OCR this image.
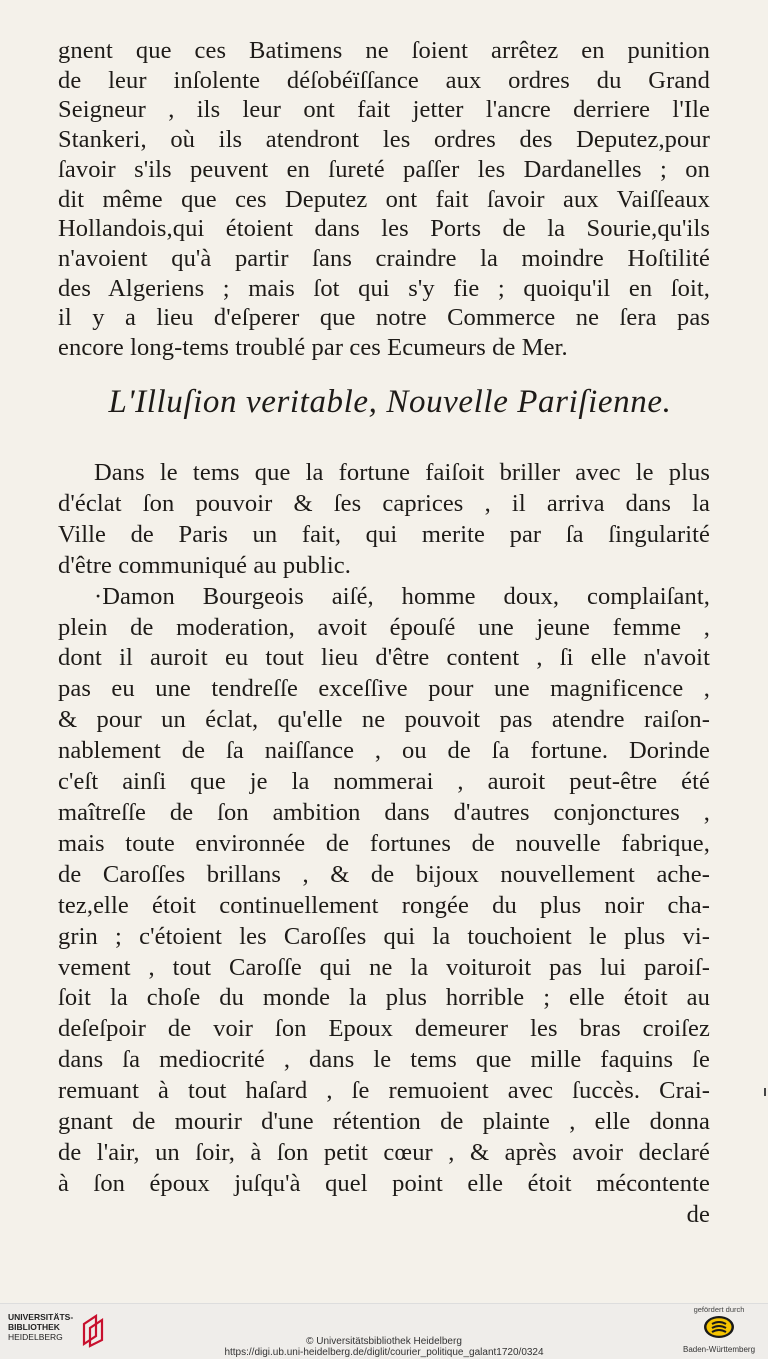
gnent que ces Batimens ne ſoient arrêtez en punition
de leur inſolente déſobéïſſance aux ordres du Grand
Seigneur , ils leur ont fait jetter l'ancre derriere l'Ile
Stankeri, où ils atendront les ordres des Deputez,pour
ſavoir s'ils peuvent en ſureté paſſer les Dardanelles ; on
dit même que ces Deputez ont fait ſavoir aux Vaiſſeaux
Hollandois,qui étoient dans les Ports de la Sourie,qu'ils
n'avoient qu'à partir ſans craindre la moindre Hoſtilité
des Algeriens ; mais ſot qui s'y fie ; quoiqu'il en ſoit,
il y a lieu d'eſperer que notre Commerce ne ſera pas
encore long-tems troublé par ces Ecumeurs de Mer.
L'Illuſion veritable, Nouvelle Pariſienne.
Dans le tems que la fortune faiſoit briller avec le plus
d'éclat ſon pouvoir & ſes caprices , il arriva dans la
Ville de Paris un fait, qui merite par ſa ſingularité
d'être communiqué au public.
·Damon Bourgeois aiſé, homme doux, complaiſant,
plein de moderation, avoit épouſé une jeune femme ,
dont il auroit eu tout lieu d'être content , ſi elle n'avoit
pas eu une tendreſſe exceſſive pour une magnificence ,
& pour un éclat, qu'elle ne pouvoit pas atendre raiſon-
nablement de ſa naiſſance , ou de ſa fortune. Dorinde
c'eſt ainſi que je la nommerai , auroit peut-être été
maîtreſſe de ſon ambition dans d'autres conjonctures ,
mais toute environnée de fortunes de nouvelle fabrique,
de Caroſſes brillans , & de bijoux nouvellement ache-
tez,elle étoit continuellement rongée du plus noir cha-
grin ; c'étoient les Caroſſes qui la touchoient le plus vi-
vement , tout Caroſſe qui ne la voituroit pas lui paroiſ-
ſoit la choſe du monde la plus horrible ; elle étoit au
deſeſpoir de voir ſon Epoux demeurer les bras croiſez
dans ſa mediocrité , dans le tems que mille faquins ſe
remuant à tout haſard , ſe remuoient avec ſuccès. Crai-
gnant de mourir d'une rétention de plainte , elle donna
de l'air, un ſoir, à ſon petit cœur , & après avoir declaré
à ſon époux juſqu'à quel point elle étoit mécontente
de
UNIVERSITÄTS-
BIBLIOTHEK
HEIDELBERG	© Universitätsbibliothek Heidelberg
https://digi.ub.uni-heidelberg.de/diglit/courier_politique_galant1720/0324
gefördert durch
Baden-Württemberg
